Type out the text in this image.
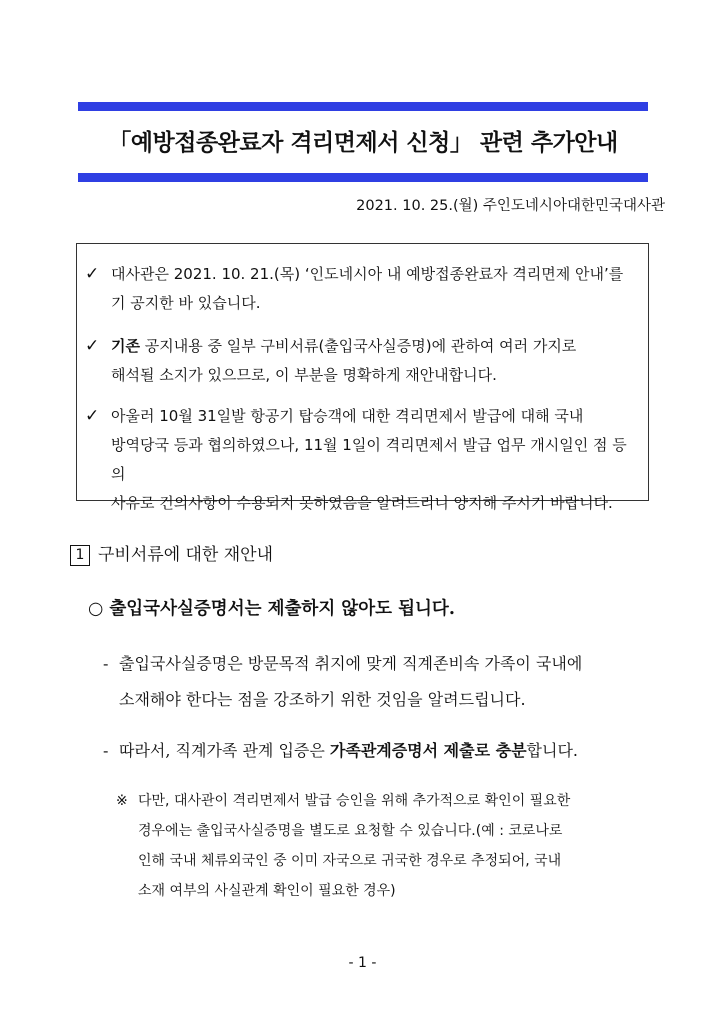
「예방접종완료자 격리면제서 신청」 관련 추가안내
2021. 10. 25.(월) 주인도네시아대한민국대사관
✓ 대사관은 2021. 10. 21.(목) ‘인도네시아 내 예방접종완료자 격리면제 안내’를
기 공지한 바 있습니다.
✓ 기존 공지내용 중 일부 구비서류(출입국사실증명)에 관하여 여러 가지로
해석될 소지가 있으므로, 이 부분을 명확하게 재안내합니다.
✓ 아울러 10월 31일발 항공기 탑승객에 대한 격리면제서 발급에 대해 국내
방역당국 등과 협의하였으나, 11월 1일이 격리면제서 발급 업무 개시일인 점 등의
사유로 건의사항이 수용되지 못하였음을 알려드리니 양지해 주시기 바랍니다.
1 구비서류에 대한 재안내
○ 출입국사실증명서는 제출하지 않아도 됩니다.
- 출입국사실증명은 방문목적 취지에 맞게 직계존비속 가족이 국내에
소재해야 한다는 점을 강조하기 위한 것임을 알려드립니다.
- 따라서, 직계가족 관계 입증은 가족관계증명서 제출로 충분합니다.
※ 다만, 대사관이 격리면제서 발급 승인을 위해 추가적으로 확인이 필요한
경우에는 출입국사실증명을 별도로 요청할 수 있습니다.(예 : 코로나로
인해 국내 체류외국인 중 이미 자국으로 귀국한 경우로 추정되어, 국내
소재 여부의 사실관계 확인이 필요한 경우)
- 1 -
